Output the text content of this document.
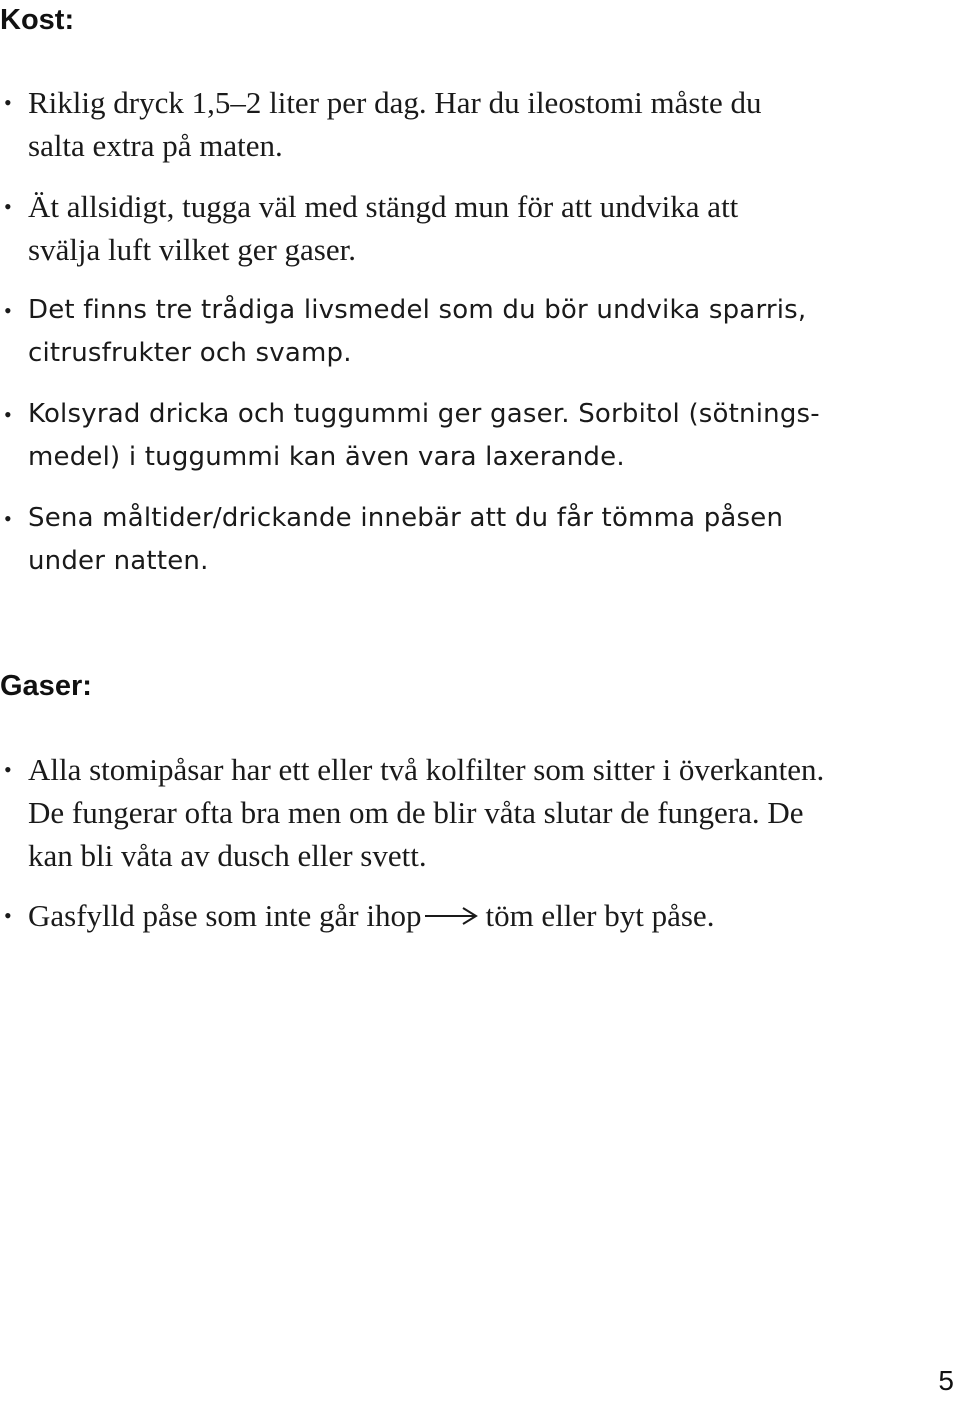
Kost:
• Riklig dryck 1,5–2 liter per dag. Har du ileostomi måste du
salta extra på maten.
• Ät allsidigt, tugga väl med stängd mun för att undvika att
svälja luft vilket ger gaser.
• Det finns tre trådiga livsmedel som du bör undvika sparris,
citrusfrukter och svamp.
• Kolsyrad dricka och tuggummi ger gaser. Sorbitol (sötnings-
medel) i tuggummi kan även vara laxerande.
• Sena måltider/drickande innebär att du får tömma påsen
under natten.
Gaser:
• Alla stomipåsar har ett eller två kolfilter som sitter i överkanten.
De fungerar ofta bra men om de blir våta slutar de fungera. De
kan bli våta av dusch eller svett.
• Gasfylld påse som inte går ihop töm eller byt påse.
5
